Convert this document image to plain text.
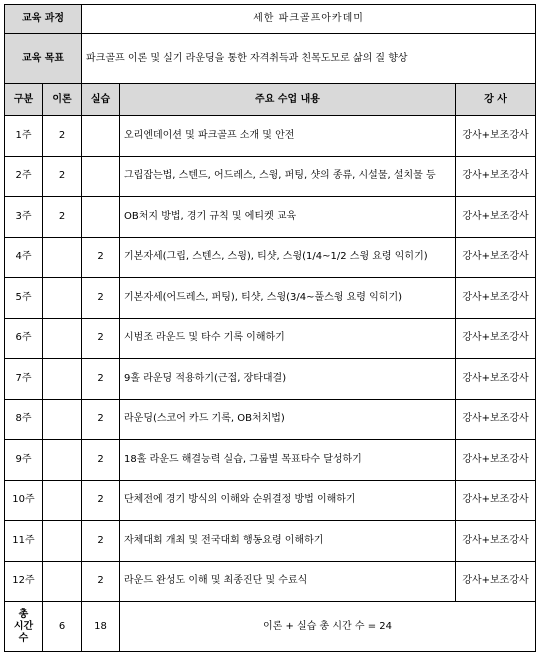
교육 과정		세한 파크골프아카데미		
교육 목표		파크골프 이론 및 실기 라운딩을 통한 자격취득과 친목도모로 삶의 질 향상		
구분	이론	실습	주요 수업 내용	강 사
1주	2		오리엔데이션 및 파크골프 소개 및 안전	강사+보조강사
2주	2		그립잡는법, 스텐드, 어드레스, 스윙, 퍼팅, 샷의 종류, 시설물, 설치물 등	강사+보조강사
3주	2		OB처지 방법, 경기 규칙 및 에티켓 교육	강사+보조강사
4주		2	기본자세(그립, 스텐스, 스윙), 티샷, 스윙(1/4~1/2 스윙 요령 익히기)	강사+보조강사
5주		2	기본자세(어드레스, 퍼팅), 티샷, 스윙(3/4~풀스윙 요령 익히기)	강사+보조강사
6주		2	시범조 라운드 및 타수 기록 이해하기	강사+보조강사
7주		2	9홀 라운딩 적용하기(근접, 장타대결)	강사+보조강사
8주		2	라운딩(스코어 카드 기록, OB처치법)	강사+보조강사
9주		2	18홀 라운드 해결능력 실습, 그룹별 목표타수 달성하기	강사+보조강사
10주		2	단체전에 경기 방식의 이해와 순위결정 방법 이해하기	강사+보조강사
11주		2	자체대회 개최 및 전국대회 행동요령 이해하기	강사+보조강사
12주		2	라운드 완성도 이해 및 최종진단 및 수료식	강사+보조강사

총
시간
수	6	18	이론 + 실습 총 시간 수 = 24	
